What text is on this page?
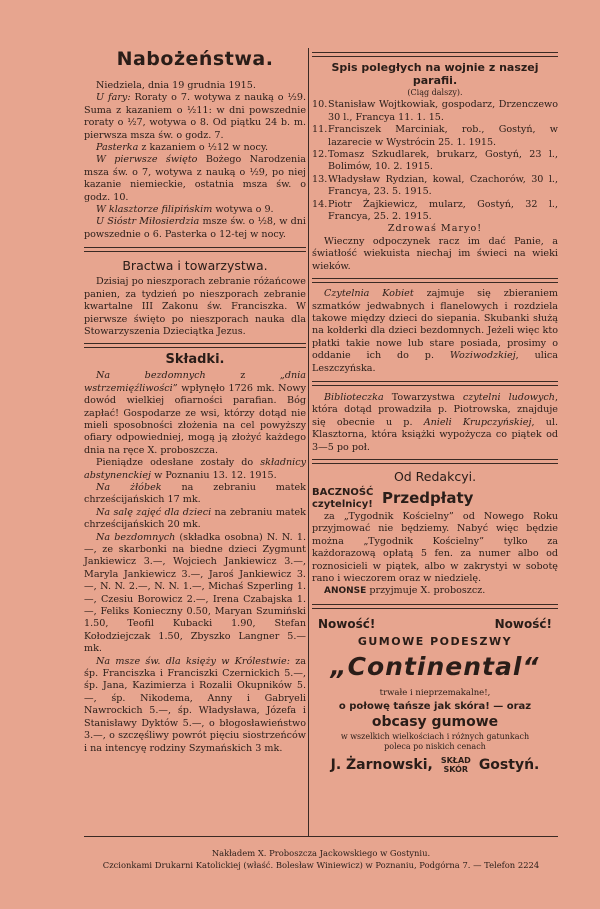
Nabożeństwa.

Niedziela, dnia 19 grudnia 1915.

U fary: Roraty o 7. wotywa z nauką o ½9. Suma z kazaniem o ½11: w dni powszednie roraty o ½7, wotywa o 8. Od piątku 24 b. m. pierwsza msza św. o godz. 7.

Pasterka z kazaniem o ½12 w nocy.

W pierwsze święto Bożego Narodzenia msza św. o 7, wotywa z nauką o ½9, po niej kazanie niemieckie, ostatnia msza św. o godz. 10.

W klasztorze filipińskim wotywa o 9.

U Sióstr Miłosierdzia msze św. o ½8, w dni powszednie o 6. Pasterka o 12-tej w nocy.

Bractwa i towarzystwa.

Dzisiaj po nieszporach zebranie różańcowe panien, za tydzień po nieszporach zebranie kwartalne III Zakonu św. Franciszka. W pierwsze święto po nieszporach nauka dla Stowarzyszenia Dzieciątka Jezus.

Składki.

Na bezdomnych z „dnia wstrzemięźliwości” wpłynęło 1726 mk. Nowy dowód wielkiej ofiarności parafian. Bóg zapłać! Gospodarze ze wsi, którzy dotąd nie mieli sposobności złożenia na cel powyższy ofiary odpowiedniej, mogą ją złożyć każdego dnia na ręce X. proboszcza.

Pieniądze odesłane zostały do składnicy abstynenckiej w Poznaniu 13. 12. 1915.

Na żłóbek na zebraniu matek chrześcijańskich 17 mk.

Na salę zajęć dla dzieci na zebraniu matek chrześcijańskich 20 mk.

Na bezdomnych (składka osobna) N. N. 1.—, ze skarbonki na biedne dzieci Zygmunt Jankiewicz 3.—, Wojciech Jankiewicz 3.—, Maryla Jankiewicz 3.—, Jaroś Jankiewicz 3.—, N. N. 2.—, N. N. 1.—, Michaś Szperling 1.—, Czesiu Borowicz 2.—, Irena Czabajska 1.—, Feliks Konieczny 0.50, Maryan Szumiński 1.50, Teofil Kubacki 1.90, Stefan Kołodziejczak 1.50, Zbyszko Langner 5.— mk.

Na msze św. dla księży w Królestwie: za śp. Franciszka i Franciszki Czernickich 5.—, śp. Jana, Kazimierza i Rozalii Okupników 5.—, śp. Nikodema, Anny i Gabryeli Nawrockich 5.—, śp. Władysława, Józefa i Stanisławy Dyktów 5.—, o błogosławieństwo 3.—, o szczęśliwy powrót pięciu siostrzeńców i na intencyę rodziny Szymańskich 3 mk.

Spis poległych na wojnie z naszej parafii.

(Ciąg dalszy).

10. Stanisław Wojtkowiak, gospodarz, Drzenczewo 30 l., Francya 11. 1. 15.

11. Franciszek Marciniak, rob., Gostyń, w lazarecie w Wystrócin 25. 1. 1915.

12. Tomasz Szkudlarek, brukarz, Gostyń, 23 l., Bolimów, 10. 2. 1915.

13. Władysław Rydzian, kowal, Czachorów, 30 l., Francya, 23. 5. 1915.

14. Piotr Żajkiewicz, mularz, Gostyń, 32 l., Francya, 25. 2. 1915.

Zdrowaś Maryo!

Wieczny odpoczynek racz im dać Panie, a światłość wiekuista niechaj im świeci na wieki wieków.

Czytelnia Kobiet zajmuje się zbieraniem szmatków jedwabnych i flanelowych i rozdziela takowe między dzieci do siepania. Skubanki służą na kołderki dla dzieci bezdomnych. Jeżeli więc kto płatki takie nowe lub stare posiada, prosimy o oddanie ich do p. Woziwodzkiej, ulica Leszczyńska.

Biblioteczka Towarzystwa czytelni ludowych, która dotąd prowadziła p. Piotrowska, znajduje się obecnie u p. Anieli Krupczyńskiej, ul. Klasztorna, która książki wypożycza co piątek od 3—5 po poł.

Od Redakcyi.

BACZNOŚĆ czytelnicy! Przedpłaty

za „Tygodnik Kościelny” od Nowego Roku przyjmować nie będziemy. Nabyć więc będzie można „Tygodnik Kościelny” tylko za każdorazową opłatą 5 fen. za numer albo od roznosicieli w piątek, albo w zakrystyi w sobotę rano i wieczorem oraz w niedzielę.

ANONSE przyjmuje X. proboszcz.

Nowość!	Nowość!

GUMOWE PODESZWY

„Continental“

trwałe i nieprzemakalne!,

o połowę tańsze jak skóra! — oraz

obcasy gumowe

w wszelkich wielkościach i różnych gatunkach

poleca po niskich cenach

J. Żarnowski, SKŁAD SKÓR Gostyń.
Nakładem X. Proboszcza Jackowskiego w Gostyniu.
Czcionkami Drukarni Katolickiej (właść. Bolesław Winiewicz) w Poznaniu, Podgórna 7. — Telefon 2224
